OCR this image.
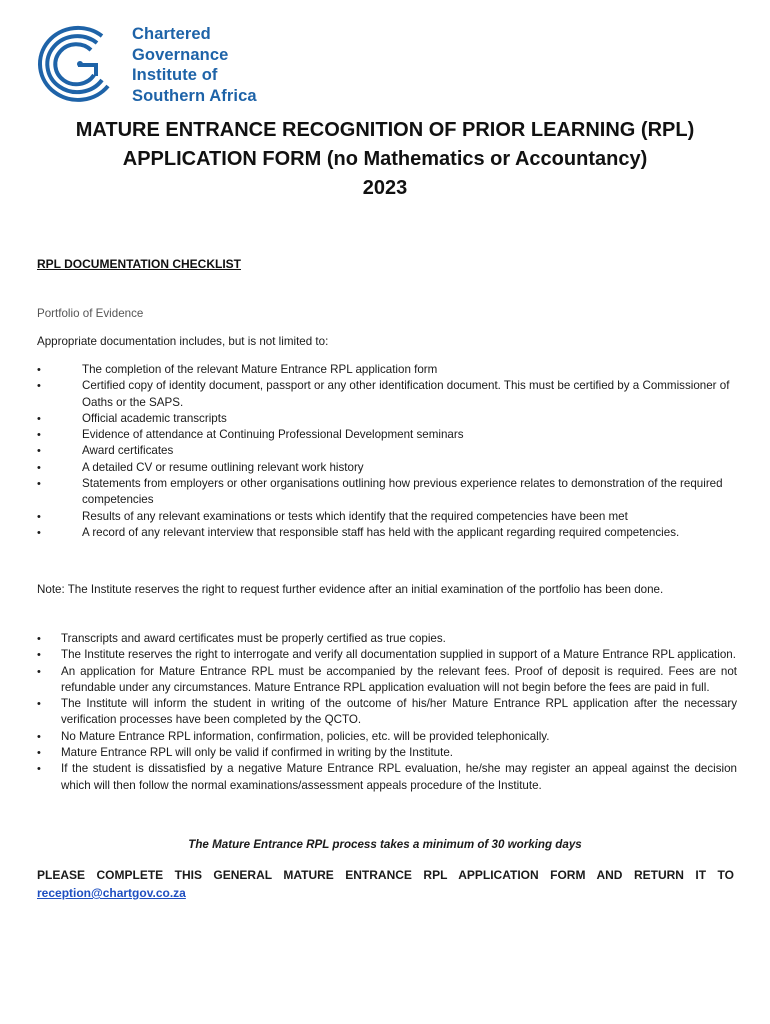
Chartered
Governance
Institute of
Southern Africa
MATURE ENTRANCE RECOGNITION OF PRIOR LEARNING (RPL)
APPLICATION FORM (no Mathematics or Accountancy)
2023
RPL DOCUMENTATION CHECKLIST
Portfolio of Evidence
Appropriate documentation includes, but is not limited to:
•	The completion of the relevant Mature Entrance RPL application form
•	Certified copy of identity document, passport or any other identification document. This must be certified by a Commissioner of Oaths or the SAPS.
•	Official academic transcripts
•	Evidence of attendance at Continuing Professional Development seminars
•	Award certificates
•	A detailed CV or resume outlining relevant work history
•	Statements from employers or other organisations outlining how previous experience relates to demonstration of the required competencies
•	Results of any relevant examinations or tests which identify that the required competencies have been met
•	A record of any relevant interview that responsible staff has held with the applicant regarding required competencies.
Note: The Institute reserves the right to request further evidence after an initial examination of the portfolio has been done.
• Transcripts and award certificates must be properly certified as true copies.
• The Institute reserves the right to interrogate and verify all documentation supplied in support of a Mature Entrance RPL application.
• An application for Mature Entrance RPL must be accompanied by the relevant fees. Proof of deposit is required. Fees are not refundable under any circumstances. Mature Entrance RPL application evaluation will not begin before the fees are paid in full.
• The Institute will inform the student in writing of the outcome of his/her Mature Entrance RPL application after the necessary verification processes have been completed by the QCTO.
• No Mature Entrance RPL information, confirmation, policies, etc. will be provided telephonically.
• Mature Entrance RPL will only be valid if confirmed in writing by the Institute.
• If the student is dissatisfied by a negative Mature Entrance RPL evaluation, he/she may register an appeal against the decision which will then follow the normal examinations/assessment appeals procedure of the Institute.
The Mature Entrance RPL process takes a minimum of 30 working days
PLEASE COMPLETE THIS GENERAL MATURE ENTRANCE RPL APPLICATION FORM AND RETURN IT TO
reception@chartgov.co.za
